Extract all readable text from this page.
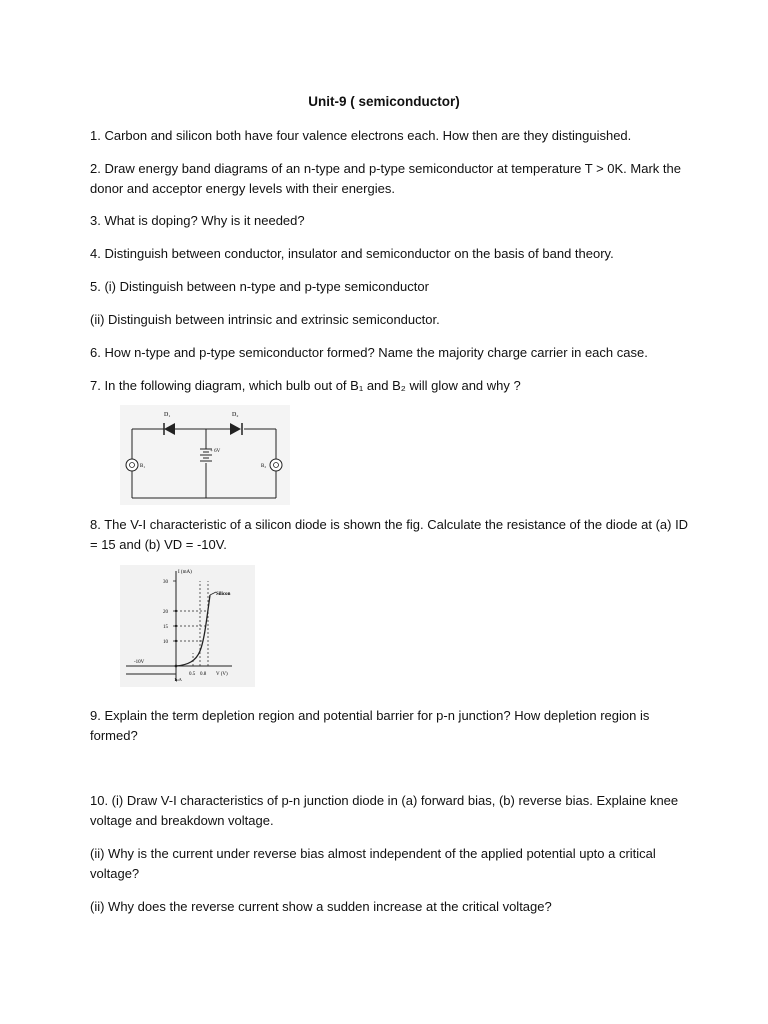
Unit-9 ( semiconductor)
1. Carbon and silicon both have four valence electrons each. How then are they distinguished.
2. Draw energy band diagrams of an n-type and p-type semiconductor at temperature T > 0K. Mark the donor and acceptor energy levels with their energies.
3. What is doping? Why is it needed?
4. Distinguish between conductor, insulator and semiconductor on the basis of band theory.
5. (i) Distinguish between n-type and p-type semiconductor
(ii) Distinguish between intrinsic and extrinsic semiconductor.
6. How n-type and p-type semiconductor formed? Name the majority charge carrier in each case.
7. In the following diagram, which bulb out of B₁ and B₂ will glow and why ?
D₁	D₂
+ 6V
B₁	B₂
8. The V-I characteristic of a silicon diode is shown the fig. Calculate the resistance of the diode at (a) ID = 15 and (b) VD = -10V.
I (mA)
Silicon
30
20
15
10
-10V
1μA
0.5 0.8 V (V)
9. Explain the term depletion region and potential barrier for p-n junction? How depletion region is formed?
10. (i) Draw V-I characteristics of p-n junction diode in (a) forward bias, (b) reverse bias. Explaine knee voltage and breakdown voltage.
(ii) Why is the current under reverse bias almost independent of the applied potential upto a critical voltage?
(ii) Why does the reverse current show a sudden increase at the critical voltage?
